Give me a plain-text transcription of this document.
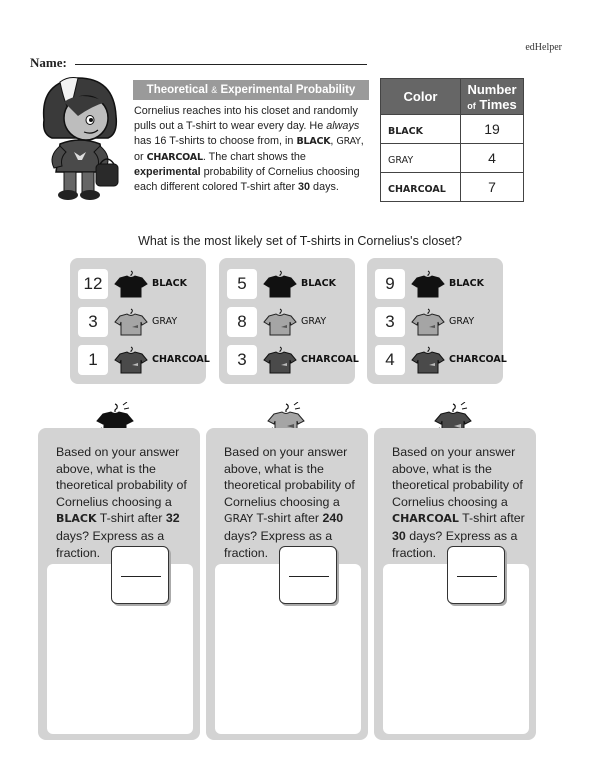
edHelper
Name:
Theoretical & Experimental Probability
Cornelius reaches into his closet and randomly pulls out a T-shirt to wear every day. He always has 16 T-shirts to choose from, in BLACK, GRAY, or CHARCOAL. The chart shows the experimental probability of Cornelius choosing each different colored T-shirt after 30 days.
Color	Number
of Times
BLACK	19
GRAY	4
CHARCOAL	7
What is the most likely set of T-shirts in Cornelius's closet?
12	BLACK
3	GRAY
1	CHARCOAL
5	BLACK
8	GRAY
3	CHARCOAL
9	BLACK
3	GRAY
4	CHARCOAL
Based on your answer above, what is the theoretical probability of Cornelius choosing a BLACK T-shirt after 32 days? Express as a fraction.
Based on your answer above, what is the theoretical probability of Cornelius choosing a GRAY T-shirt after 240 days? Express as a fraction.
Based on your answer above, what is the theoretical probability of Cornelius choosing a CHARCOAL T-shirt after 30 days? Express as a fraction.
